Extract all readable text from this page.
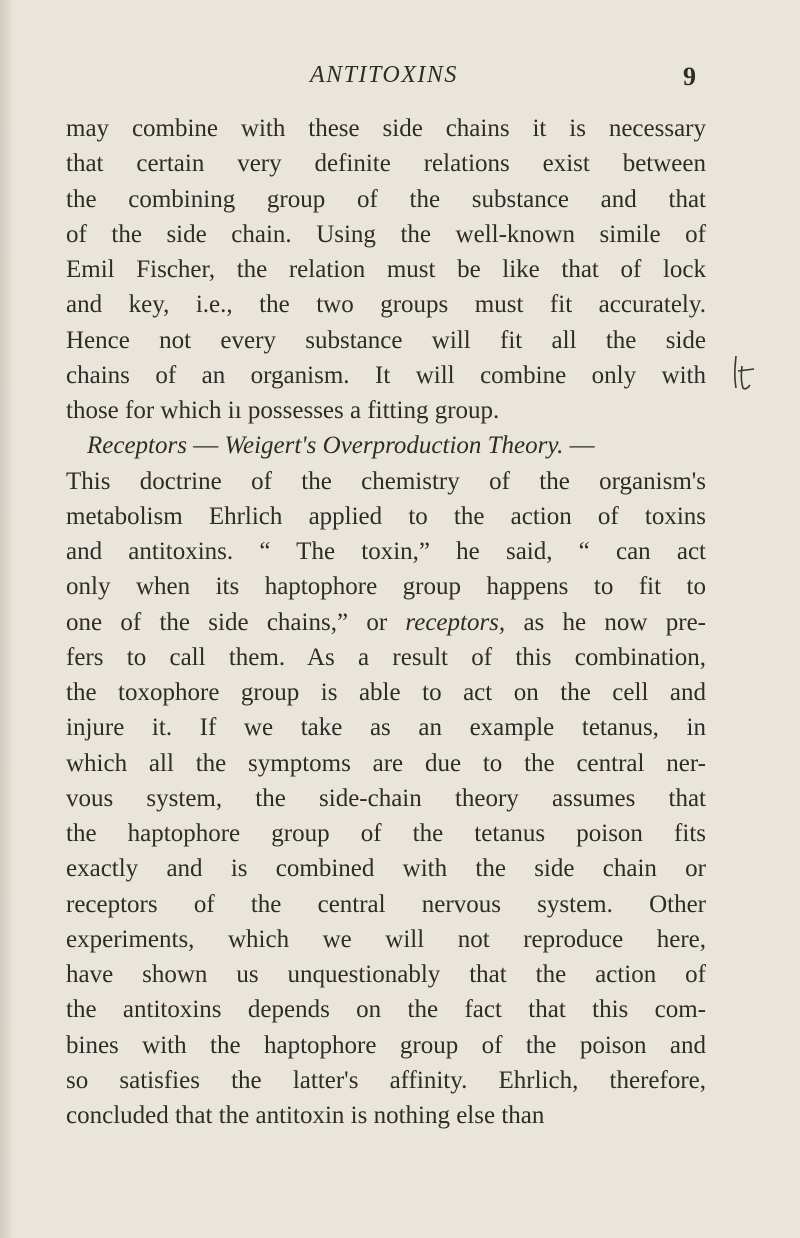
ANTITOXINS	9
may combine with these side chains it is necessary
that certain very definite relations exist between
the combining group of the substance and that
of the side chain. Using the well-known simile of
Emil Fischer, the relation must be like that of lock
and key, i.e., the two groups must fit accurately.
Hence not every substance will fit all the side
chains of an organism. It will combine only with
those for which iı possesses a fitting group.
Receptors — Weigert's Overproduction Theory. —
This doctrine of the chemistry of the organism's
metabolism Ehrlich applied to the action of toxins
and antitoxins. “ The toxin,” he said, “ can act
only when its haptophore group happens to fit to
one of the side chains,” or receptors, as he now pre-
fers to call them. As a result of this combination,
the toxophore group is able to act on the cell and
injure it. If we take as an example tetanus, in
which all the symptoms are due to the central ner-
vous system, the side-chain theory assumes that
the haptophore group of the tetanus poison fits
exactly and is combined with the side chain or
receptors of the central nervous system. Other
experiments, which we will not reproduce here,
have shown us unquestionably that the action of
the antitoxins depends on the fact that this com-
bines with the haptophore group of the poison and
so satisfies the latter's affinity. Ehrlich, therefore,
concluded that the antitoxin is nothing else than
